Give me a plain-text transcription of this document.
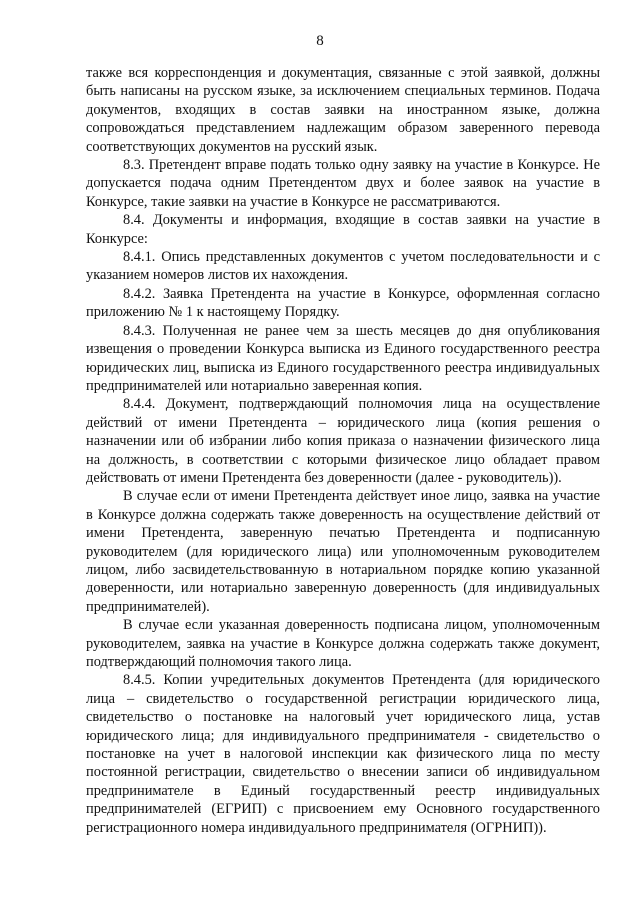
8

также вся корреспонденция и документация, связанные с этой заявкой, должны быть написаны на русском языке, за исключением специальных терминов. Подача документов, входящих в состав заявки на иностранном языке, должна сопровождаться представлением надлежащим образом заверенного перевода соответствующих документов на русский язык.

8.3. Претендент вправе подать только одну заявку на участие в Конкурсе. Не допускается подача одним Претендентом двух и более заявок на участие в Конкурсе, такие заявки на участие в Конкурсе не рассматриваются.

8.4. Документы и информация, входящие в состав заявки на участие в Конкурсе:

8.4.1. Опись представленных документов с учетом последовательности и с указанием номеров листов их нахождения.

8.4.2. Заявка Претендента на участие в Конкурсе, оформленная согласно приложению № 1 к настоящему Порядку.

8.4.3. Полученная не ранее чем за шесть месяцев до дня опубликования извещения о проведении Конкурса выписка из Единого государственного реестра юридических лиц, выписка из Единого государственного реестра индивидуальных предпринимателей или нотариально заверенная копия.

8.4.4. Документ, подтверждающий полномочия лица на осуществление действий от имени Претендента – юридического лица (копия решения о назначении или об избрании либо копия приказа о назначении физического лица на должность, в соответствии с которыми физическое лицо обладает правом действовать от имени Претендента без доверенности (далее - руководитель)).

В случае если от имени Претендента действует иное лицо, заявка на участие в Конкурсе должна содержать также доверенность на осуществление действий от имени Претендента, заверенную печатью Претендента и подписанную руководителем (для юридического лица) или уполномоченным руководителем лицом, либо засвидетельствованную в нотариальном порядке копию указанной доверенности, или нотариально заверенную доверенность (для индивидуальных предпринимателей).

В случае если указанная доверенность подписана лицом, уполномоченным руководителем, заявка на участие в Конкурсе должна содержать также документ, подтверждающий полномочия такого лица.

8.4.5. Копии учредительных документов Претендента (для юридического лица – свидетельство о государственной регистрации юридического лица, свидетельство о постановке на налоговый учет юридического лица, устав юридического лица; для индивидуального предпринимателя - свидетельство о постановке на учет в налоговой инспекции как физического лица по месту постоянной регистрации, свидетельство о внесении записи об индивидуальном предпринимателе в Единый государственный реестр индивидуальных предпринимателей (ЕГРИП) с присвоением ему Основного государственного регистрационного номера индивидуального предпринимателя (ОГРНИП)).
